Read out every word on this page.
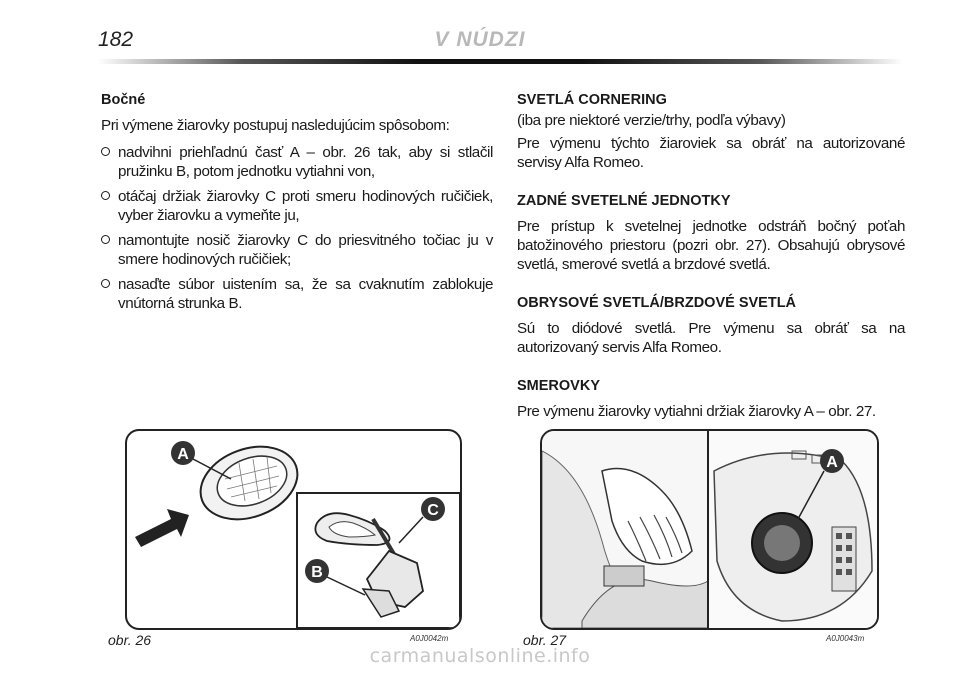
182	V NÚDZI
Bočné

Pri výmene žiarovky postupuj nasledujúcim spôsobom:

nadvihni priehľadnú časť A – obr. 26 tak, aby si stlačil pružinku B, potom jednotku vytiahni von,
otáčaj držiak žiarovky C proti smeru hodinových ručičiek, vyber žiarovku a vymeňte ju,
namontujte nosič žiarovky C do priesvitného točiac ju v smere hodinových ručičiek;
nasaďte súbor uistením sa, že sa cvaknutím zablokuje vnútorná strunka B.
SVETLÁ CORNERING

(iba pre niektoré verzie/trhy, podľa výbavy)

Pre výmenu týchto žiaroviek sa obráť na autorizované servisy Alfa Romeo.

ZADNÉ SVETELNÉ JEDNOTKY

Pre prístup k svetelnej jednotke odstráň bočný poťah batožinového priestoru (pozri obr. 27). Obsahujú obrysové svetlá, smerové svetlá a brzdové svetlá.

OBRYSOVÉ SVETLÁ/BRZDOVÉ SVETLÁ

Sú to diódové svetlá. Pre výmenu sa obráť sa na autorizovaný servis Alfa Romeo.

SMEROVKY

Pre výmenu žiarovky vytiahni držiak žiarovky A – obr. 27.

A
C
B
obr. 26	A0J0042m
A
obr. 27	A0J0043m
carmanualsonline.info
